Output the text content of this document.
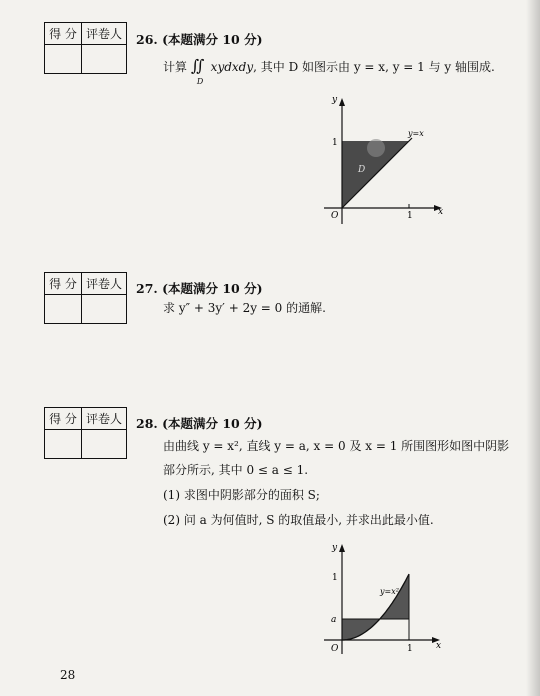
得 分	评卷人
	26. (本题满分 10 分)
计算 ∬
D
xydxdy, 其中 D 如图示由 y = x, y = 1 与 y 轴围成.
y
x
O
1
1
y=x
D
得 分	评卷人
	27. (本题满分 10 分)
求 y″ + 3y′ + 2y = 0 的通解.
得 分	评卷人
	28. (本题满分 10 分)
由曲线 y = x², 直线 y = a, x = 0 及 x = 1 所围图形如图中阴影
部分所示, 其中 0 ≤ a ≤ 1.
(1) 求图中阴影部分的面积 S;
(2) 问 a 为何值时, S 的取值最小, 并求出此最小值.
y
x
O
1
a
1
y=x²
28
